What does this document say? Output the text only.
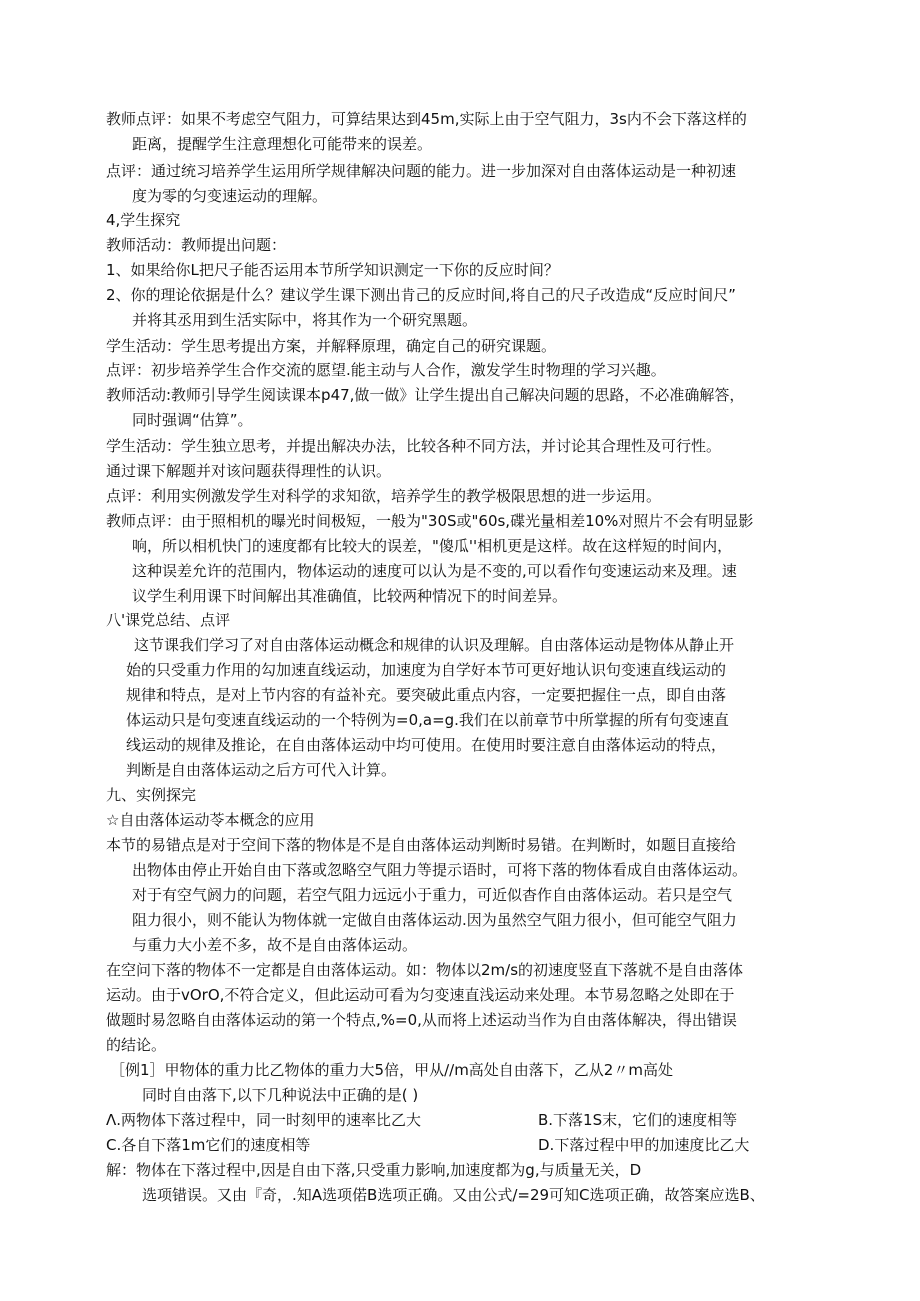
教师点评：如果不考虑空气阻力，可算结果达到45m,实际上由于空气阻力，3s内不会下落这样的
距离，提醒学生注意理想化可能带来的误差。
点评：通过统习培养学生运用所学规律解决问题的能力。进一步加深对自由落体运动是一种初速
度为零的匀变速运动的理解。
4,学生探究
教师活动：教师提出问题：
1、如果给你L把尺子能否运用本节所学知识测定一下你的反应时间？
2、你的理论依据是什么？建议学生课下测出肯己的反应时间,将自己的尺子改造成“反应时间尺”
并将其丞用到生活实际中，将其作为一个研究黑题。
学生活动：学生思考提出方案，并解释原理，确定自己的研究课题。
点评：初步培养学生合作交流的愿望.能主动与人合作，激发学生时物理的学习兴趣。
教师活动:教师引导学生阅读课本p47,做一做》让学生提出自己解决问题的思路，不必准确解答，
同时强调“估算”。
学生活动：学生独立思考，并提出解决办法，比较各种不同方法，并讨论其合理性及可行性。
通过课下解题并对该问题获得理性的认识。
点评：利用实例激发学生对科学的求知欲，培养学生的教学极限思想的进一步运用。
教师点评：由于照相机的曝光时间极短，一般为"30S或"60s,碟光量相差10%对照片不会有明显影
响，所以相机快门的速度都有比较大的误差，"傻瓜''相机更是这样。故在这样短的时间内，
这种误差允许的范围内，物体运动的速度可以认为是不变的,可以看作句变速运动来及理。速
议学生利用课下时间解出其准确值，比较两种情况下的时间差异。
八'课党总结、点评
这节课我们学习了对自由落体运动概念和规律的认识及理解。自由落体运动是物体从静止开
始的只受重力作用的勾加速直线运动，加速度为自学好本节可更好地认识句变速直线运动的
规律和特点，是对上节内容的有益补充。要突破此重点内容，一定要把握住一点，即自由落
体运动只是句变速直线运动的一个特例为=0,a=g.我们在以前章节中所掌握的所有句变速直
线运动的规律及推论，在自由落体运动中均可使用。在使用时要注意自由落体运动的特点，
判断是自由落体运动之后方可代入计算。
九、实例探完
☆自由落体运动苓本概念的应用
本节的易错点是对于空间下落的物体是不是自由落体运动判断时易错。在判断时，如题目直接给
出物体由停止开始自由下落或忽略空气阻力等提示语时，可将下落的物体看成自由落体运动。
对于有空气阏力的问题，若空气阻力远远小于重力，可近似杳作自由落体运动。若只是空气
阻力很小，则不能认为物体就一定做自由落体运动.因为虽然空气阻力很小，但可能空气阻力
与重力大小差不多，故不是自由落体运动。
在空问下落的物体不一定都是自由落体运动。如：物体以2m∕s的初速度竖直下落就不是自由落体
运动。由于vOrO,不符合定义，但此运动可看为匀变速直浅运动来处理。本节易忽略之处即在于
做题时易忽略自由落体运动的第一个特点,%=0,从而将上述运动当作为自由落体解决，得出错误
的结论。
［例1］甲物体的重力比乙物体的重力大5倍，甲从∕∕m高处自由落下，乙从2〃m高处
同时自由落下,以下几种说法中正确的是( )
Λ.两物体下落过程中，同一时刻甲的速率比乙大	B.下落1S末，它们的速度相等
C.各自下落1m它们的速度相等	D.下落过程中甲的加速度比乙大
解：物体在下落过程中,因是自由下落,只受重力影响,加速度都为g,与质量无关，D
选项错误。又由『奇，.知A选项偌B选项正确。又由公式/=29可知C选项正确，故答案应选B、
